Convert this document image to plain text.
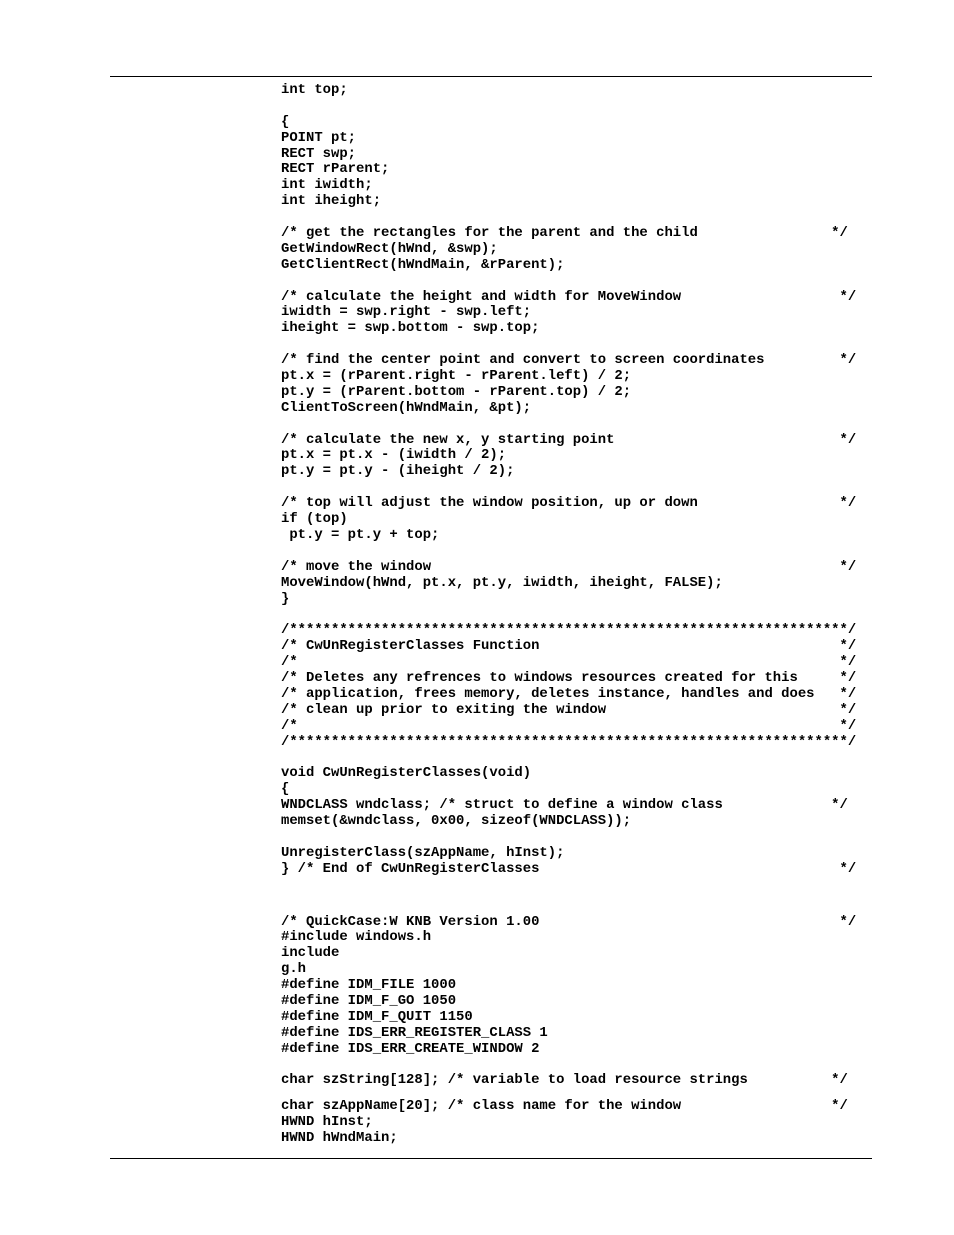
int top;
{
POINT pt;
RECT swp;
RECT rParent;
int iwidth;
int iheight;
/* get the rectangles for the parent and the child                */
GetWindowRect(hWnd, &swp);
GetClientRect(hWndMain, &rParent);
/* calculate the height and width for MoveWindow                   */
iwidth = swp.right - swp.left;
iheight = swp.bottom - swp.top;
/* find the center point and convert to screen coordinates         */
pt.x = (rParent.right - rParent.left) / 2;
pt.y = (rParent.bottom - rParent.top) / 2;
ClientToScreen(hWndMain, &pt);
/* calculate the new x, y starting point                           */
pt.x = pt.x - (iwidth / 2);
pt.y = pt.y - (iheight / 2);
/* top will adjust the window position, up or down                 */
if (top)
pt.y = pt.y + top;
/* move the window                                                 */
MoveWindow(hWnd, pt.x, pt.y, iwidth, iheight, FALSE);
}
/*******************************************************************/
/* CwUnRegisterClasses Function                                    */
/*                                                                 */
/* Deletes any refrences to windows resources created for this     */
/* application, frees memory, deletes instance, handles and does   */
/* clean up prior to exiting the window                            */
/*                                                                 */
/*******************************************************************/
void CwUnRegisterClasses(void)
{
WNDCLASS wndclass; /* struct to define a window class             */
memset(&wndclass, 0x00, sizeof(WNDCLASS));
UnregisterClass(szAppName, hInst);
} /* End of CwUnRegisterClasses                                    */
/* QuickCase:W KNB Version 1.00                                    */
#include windows.h
include
g.h
#define IDM_FILE 1000
#define IDM_F_GO 1050
#define IDM_F_QUIT 1150
#define IDS_ERR_REGISTER_CLASS 1
#define IDS_ERR_CREATE_WINDOW 2
char szString[128]; /* variable to load resource strings          */
char szAppName[20]; /* class name for the window                  */
HWND hInst;
HWND hWndMain;
